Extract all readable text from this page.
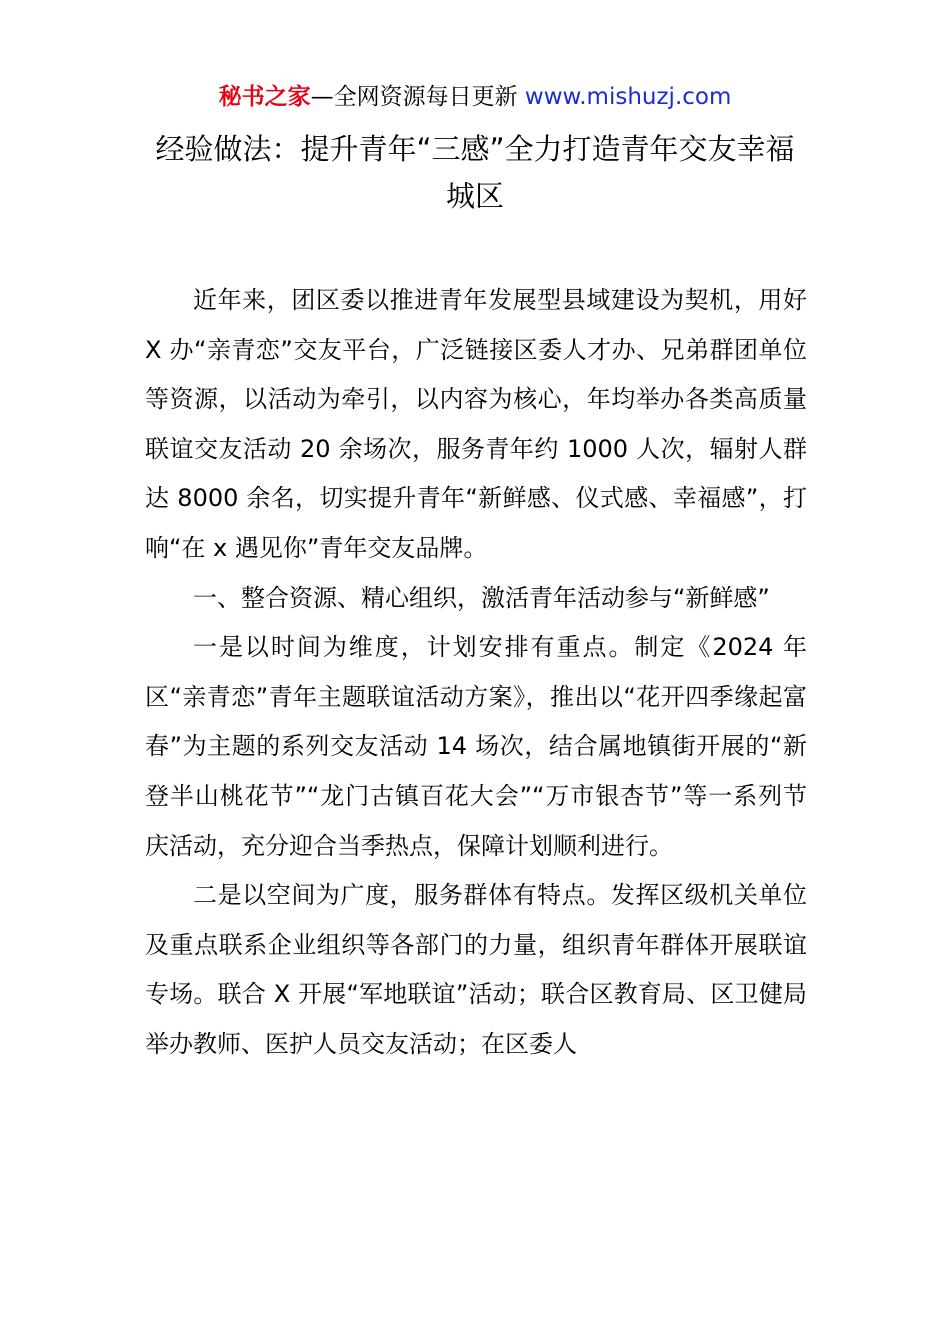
秘书之家—全网资源每日更新 www.mishuzj.com
经验做法：提升青年“三感”全力打造青年交友幸福城区

近年来，团区委以推进青年发展型县域建设为契机，用好 X 办“亲青恋”交友平台，广泛链接区委人才办、兄弟群团单位等资源，以活动为牵引，以内容为核心，年均举办各类高质量联谊交友活动 20 余场次，服务青年约 1000 人次，辐射人群达 8000 余名，切实提升青年“新鲜感、仪式感、幸福感”，打响“在 x 遇见你”青年交友品牌。

一、整合资源、精心组织，激活青年活动参与“新鲜感”

一是以时间为维度，计划安排有重点。制定《2024 年区“亲青恋”青年主题联谊活动方案》，推出以“花开四季缘起富春”为主题的系列交友活动 14 场次，结合属地镇街开展的“新登半山桃花节”“龙门古镇百花大会”“万市银杏节”等一系列节庆活动，充分迎合当季热点，保障计划顺利进行。

二是以空间为广度，服务群体有特点。发挥区级机关单位及重点联系企业组织等各部门的力量，组织青年群体开展联谊专场。联合 X 开展“军地联谊”活动；联合区教育局、区卫健局举办教师、医护人员交友活动；在区委人
